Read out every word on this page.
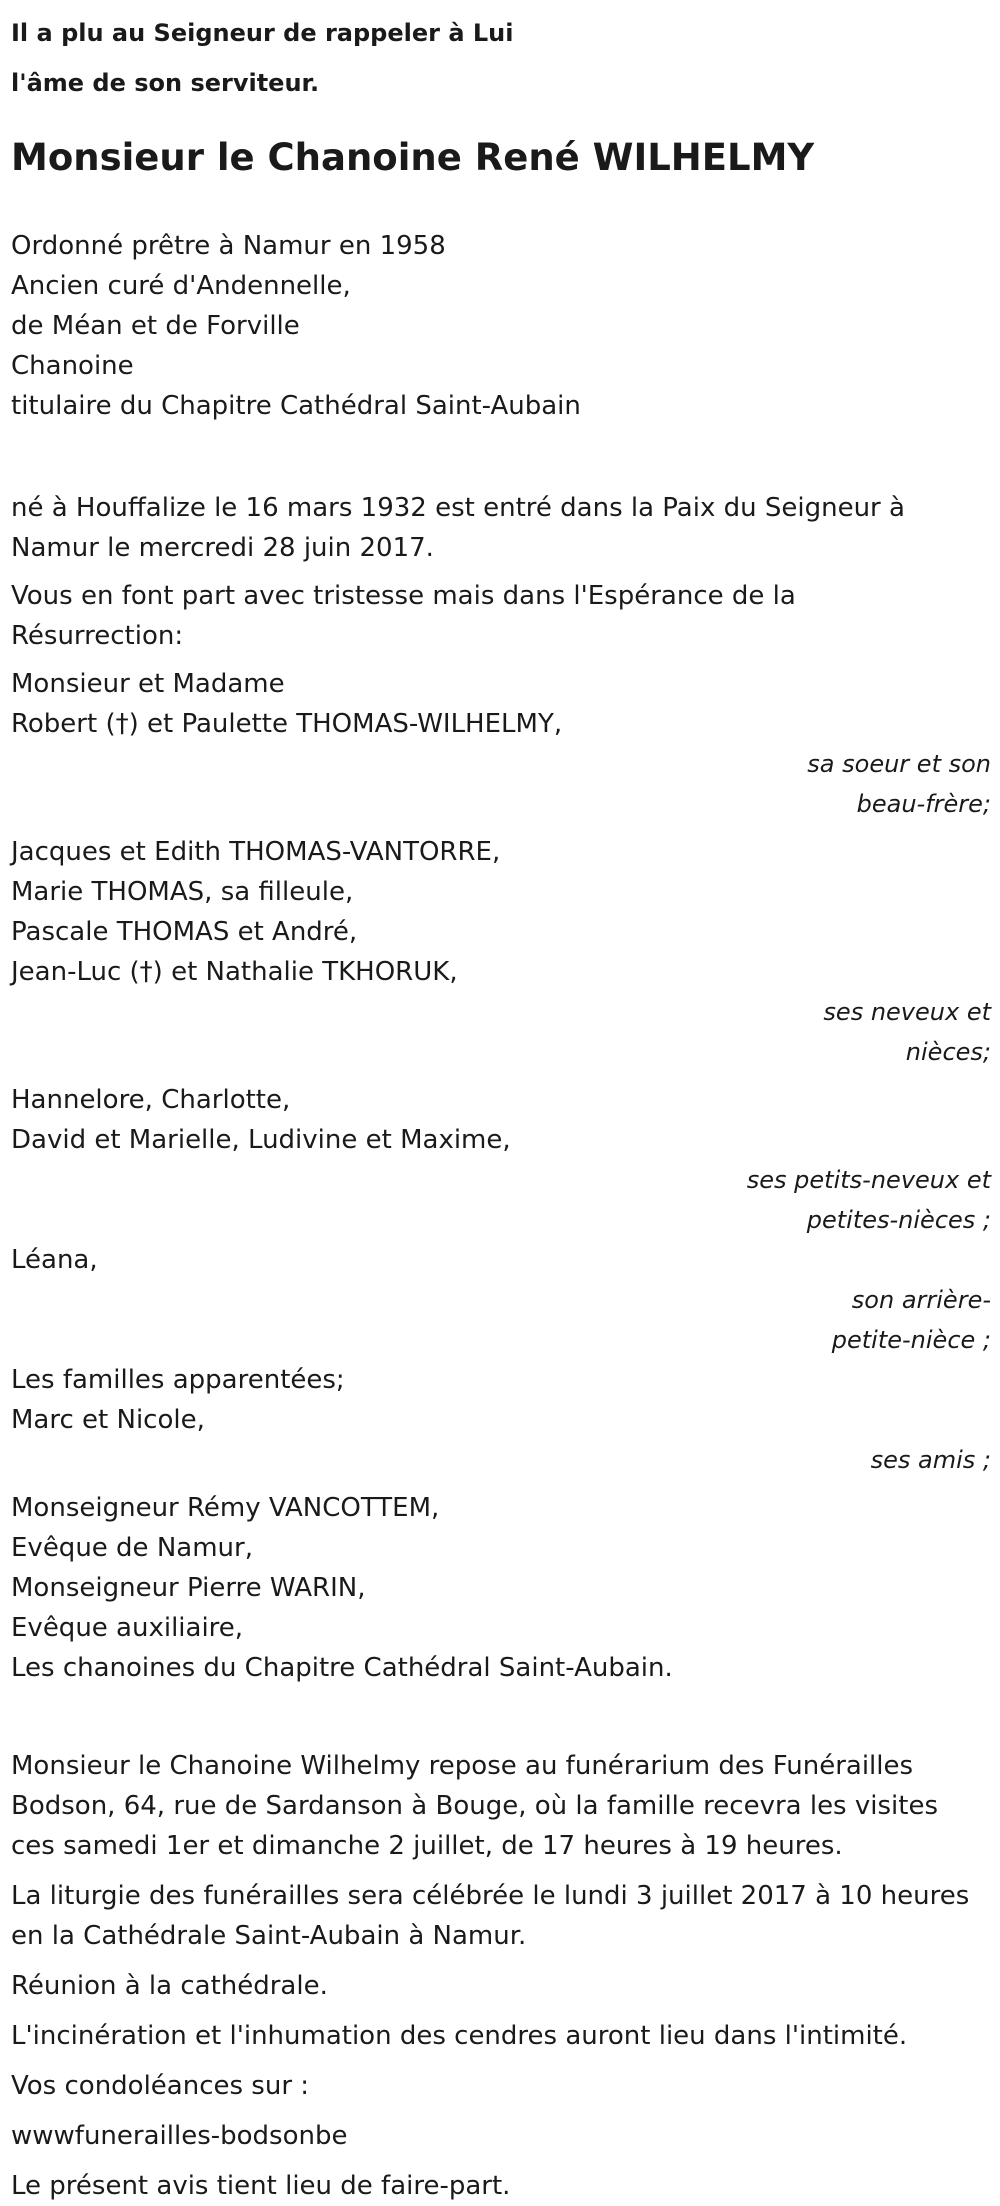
Il a plu au Seigneur de rappeler à Lui
l'âme de son serviteur.
Monsieur le Chanoine René WILHELMY
Ordonné prêtre à Namur en 1958
Ancien curé d'Andennelle,
de Méan et de Forville
Chanoine
titulaire du Chapitre Cathédral Saint-Aubain
né à Houffalize le 16 mars 1932 est entré dans la Paix du Seigneur à
Namur le mercredi 28 juin 2017.
Vous en font part avec tristesse mais dans l'Espérance de la
Résurrection:
Monsieur et Madame
Robert (†) et Paulette THOMAS-WILHELMY,
sa soeur et son
beau-frère;
Jacques et Edith THOMAS-VANTORRE,
Marie THOMAS, sa filleule,
Pascale THOMAS et André,
Jean-Luc (†) et Nathalie TKHORUK,
ses neveux et
nièces;
Hannelore, Charlotte,
David et Marielle, Ludivine et Maxime,
ses petits-neveux et
petites-nièces ;
Léana,
son arrière-
petite-nièce ;
Les familles apparentées;
Marc et Nicole,
ses amis ;
Monseigneur Rémy VANCOTTEM,
Evêque de Namur,
Monseigneur Pierre WARIN,
Evêque auxiliaire,
Les chanoines du Chapitre Cathédral Saint-Aubain.
Monsieur le Chanoine Wilhelmy repose au funérarium des Funérailles
Bodson, 64, rue de Sardanson à Bouge, où la famille recevra les visites
ces samedi 1er et dimanche 2 juillet, de 17 heures à 19 heures.
La liturgie des funérailles sera célébrée le lundi 3 juillet 2017 à 10 heures
en la Cathédrale Saint-Aubain à Namur.
Réunion à la cathédrale.
L'incinération et l'inhumation des cendres auront lieu dans l'intimité.
Vos condoléances sur :
wwwfunerailles-bodsonbe
Le présent avis tient lieu de faire-part.
